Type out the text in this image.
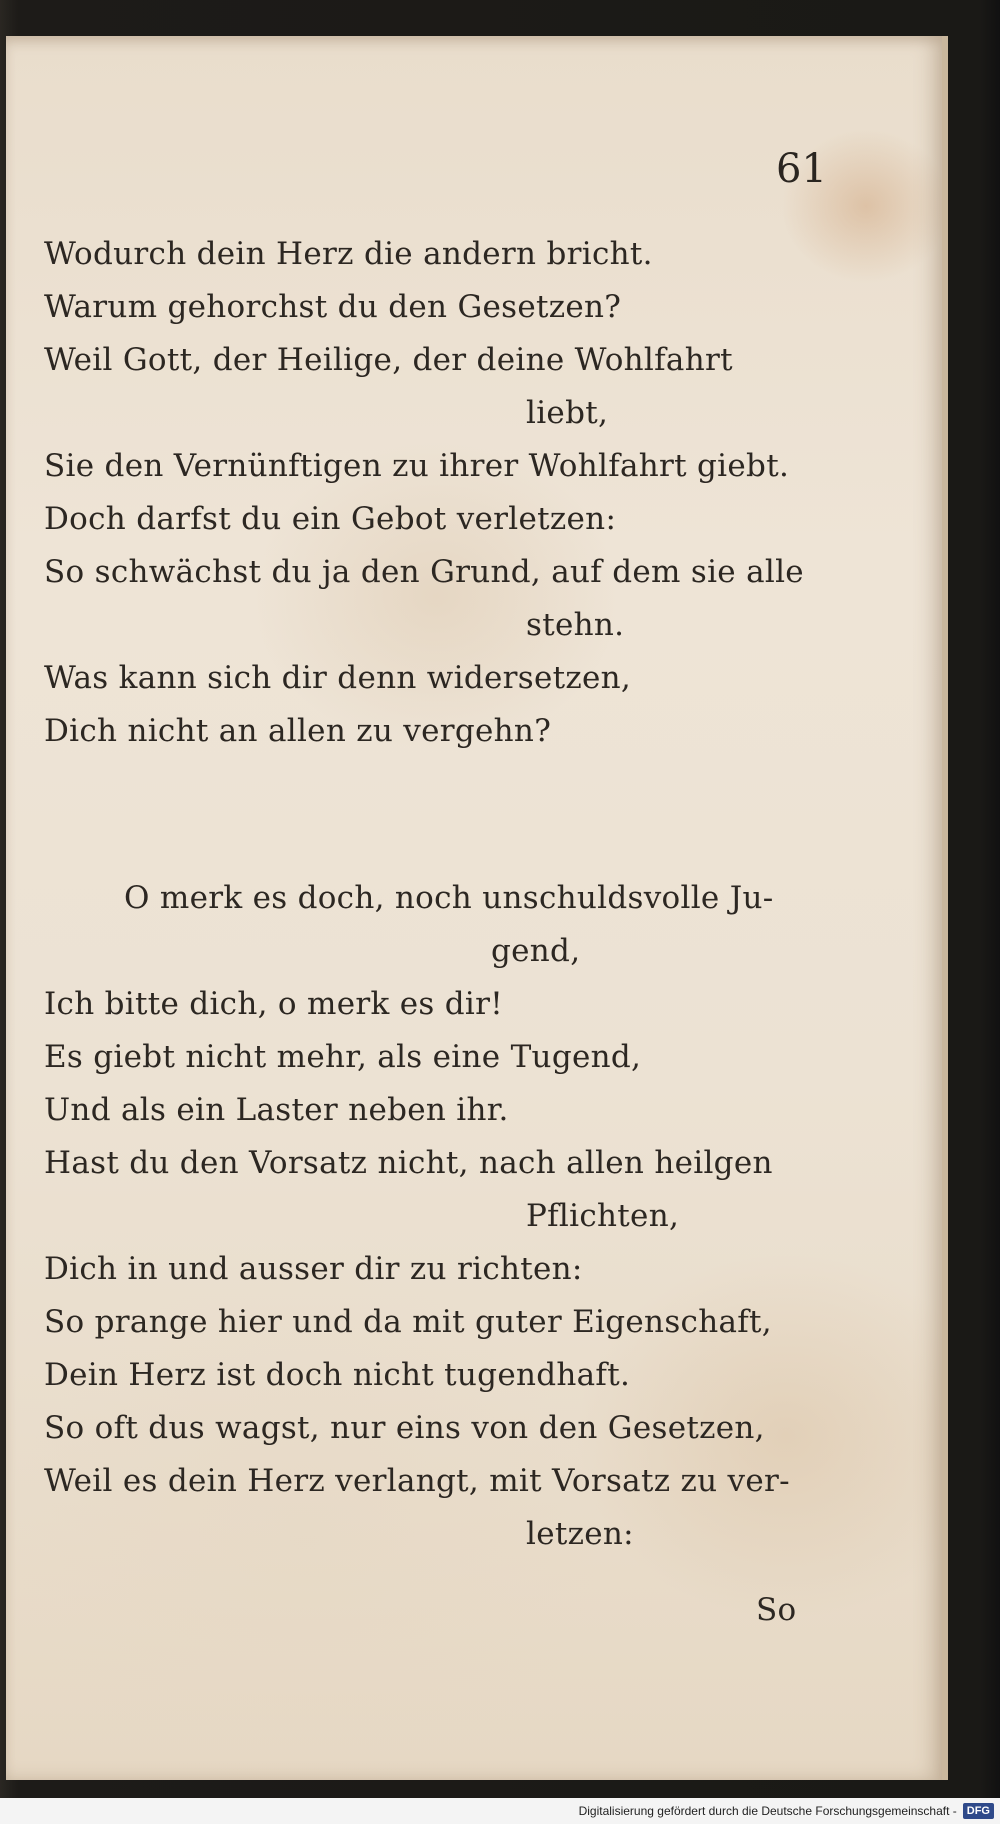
61
Wodurch dein Herz die andern bricht.
Warum gehorchst du den Gesetzen?
Weil Gott, der Heilige, der deine Wohlfahrt
liebt,
Sie den Vernünftigen zu ihrer Wohlfahrt giebt.
Doch darfst du ein Gebot verletzen:
So schwächst du ja den Grund, auf dem sie alle
stehn.
Was kann sich dir denn widersetzen,
Dich nicht an allen zu vergehn?
O merk es doch, noch unschuldsvolle Ju-
gend,
Ich bitte dich, o merk es dir!
Es giebt nicht mehr, als eine Tugend,
Und als ein Laster neben ihr.
Hast du den Vorsatz nicht, nach allen heilgen
Pflichten,
Dich in und ausser dir zu richten:
So prange hier und da mit guter Eigenschaft,
Dein Herz ist doch nicht tugendhaft.
So oft dus wagst, nur eins von den Gesetzen,
Weil es dein Herz verlangt, mit Vorsatz zu ver-
letzen:
So
Digitalisierung gefördert durch die Deutsche Forschungsgemeinschaft - DFG
